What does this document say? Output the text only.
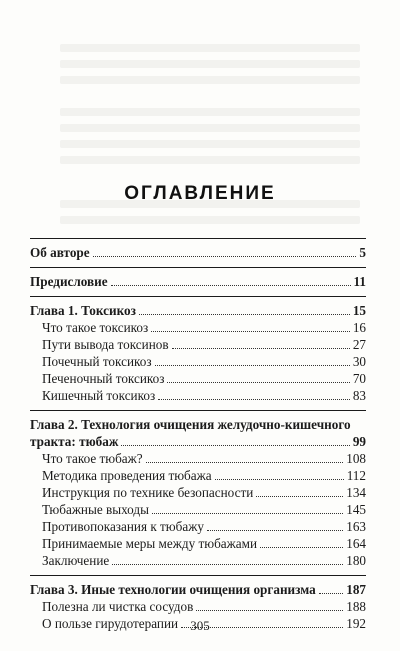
ОГЛАВЛЕНИЕ
Об авторе	5
Предисловие	11
Глава 1. Токсикоз	15
Что такое токсикоз	16
Пути вывода токсинов	27
Почечный токсикоз	30
Печеночный токсикоз	70
Кишечный токсикоз	83
Глава 2. Технология очищения желудочно-кишечного
тракта: тюбаж	99
Что такое тюбаж?	108
Методика проведения тюбажа	112
Инструкция по технике безопасности	134
Тюбажные выходы	145
Противопоказания к тюбажу	163
Принимаемые меры между тюбажами	164
Заключение	180
Глава 3. Иные технологии очищения организма 187
Полезна ли чистка сосудов	188
О пользе гирудотерапии	192
305
